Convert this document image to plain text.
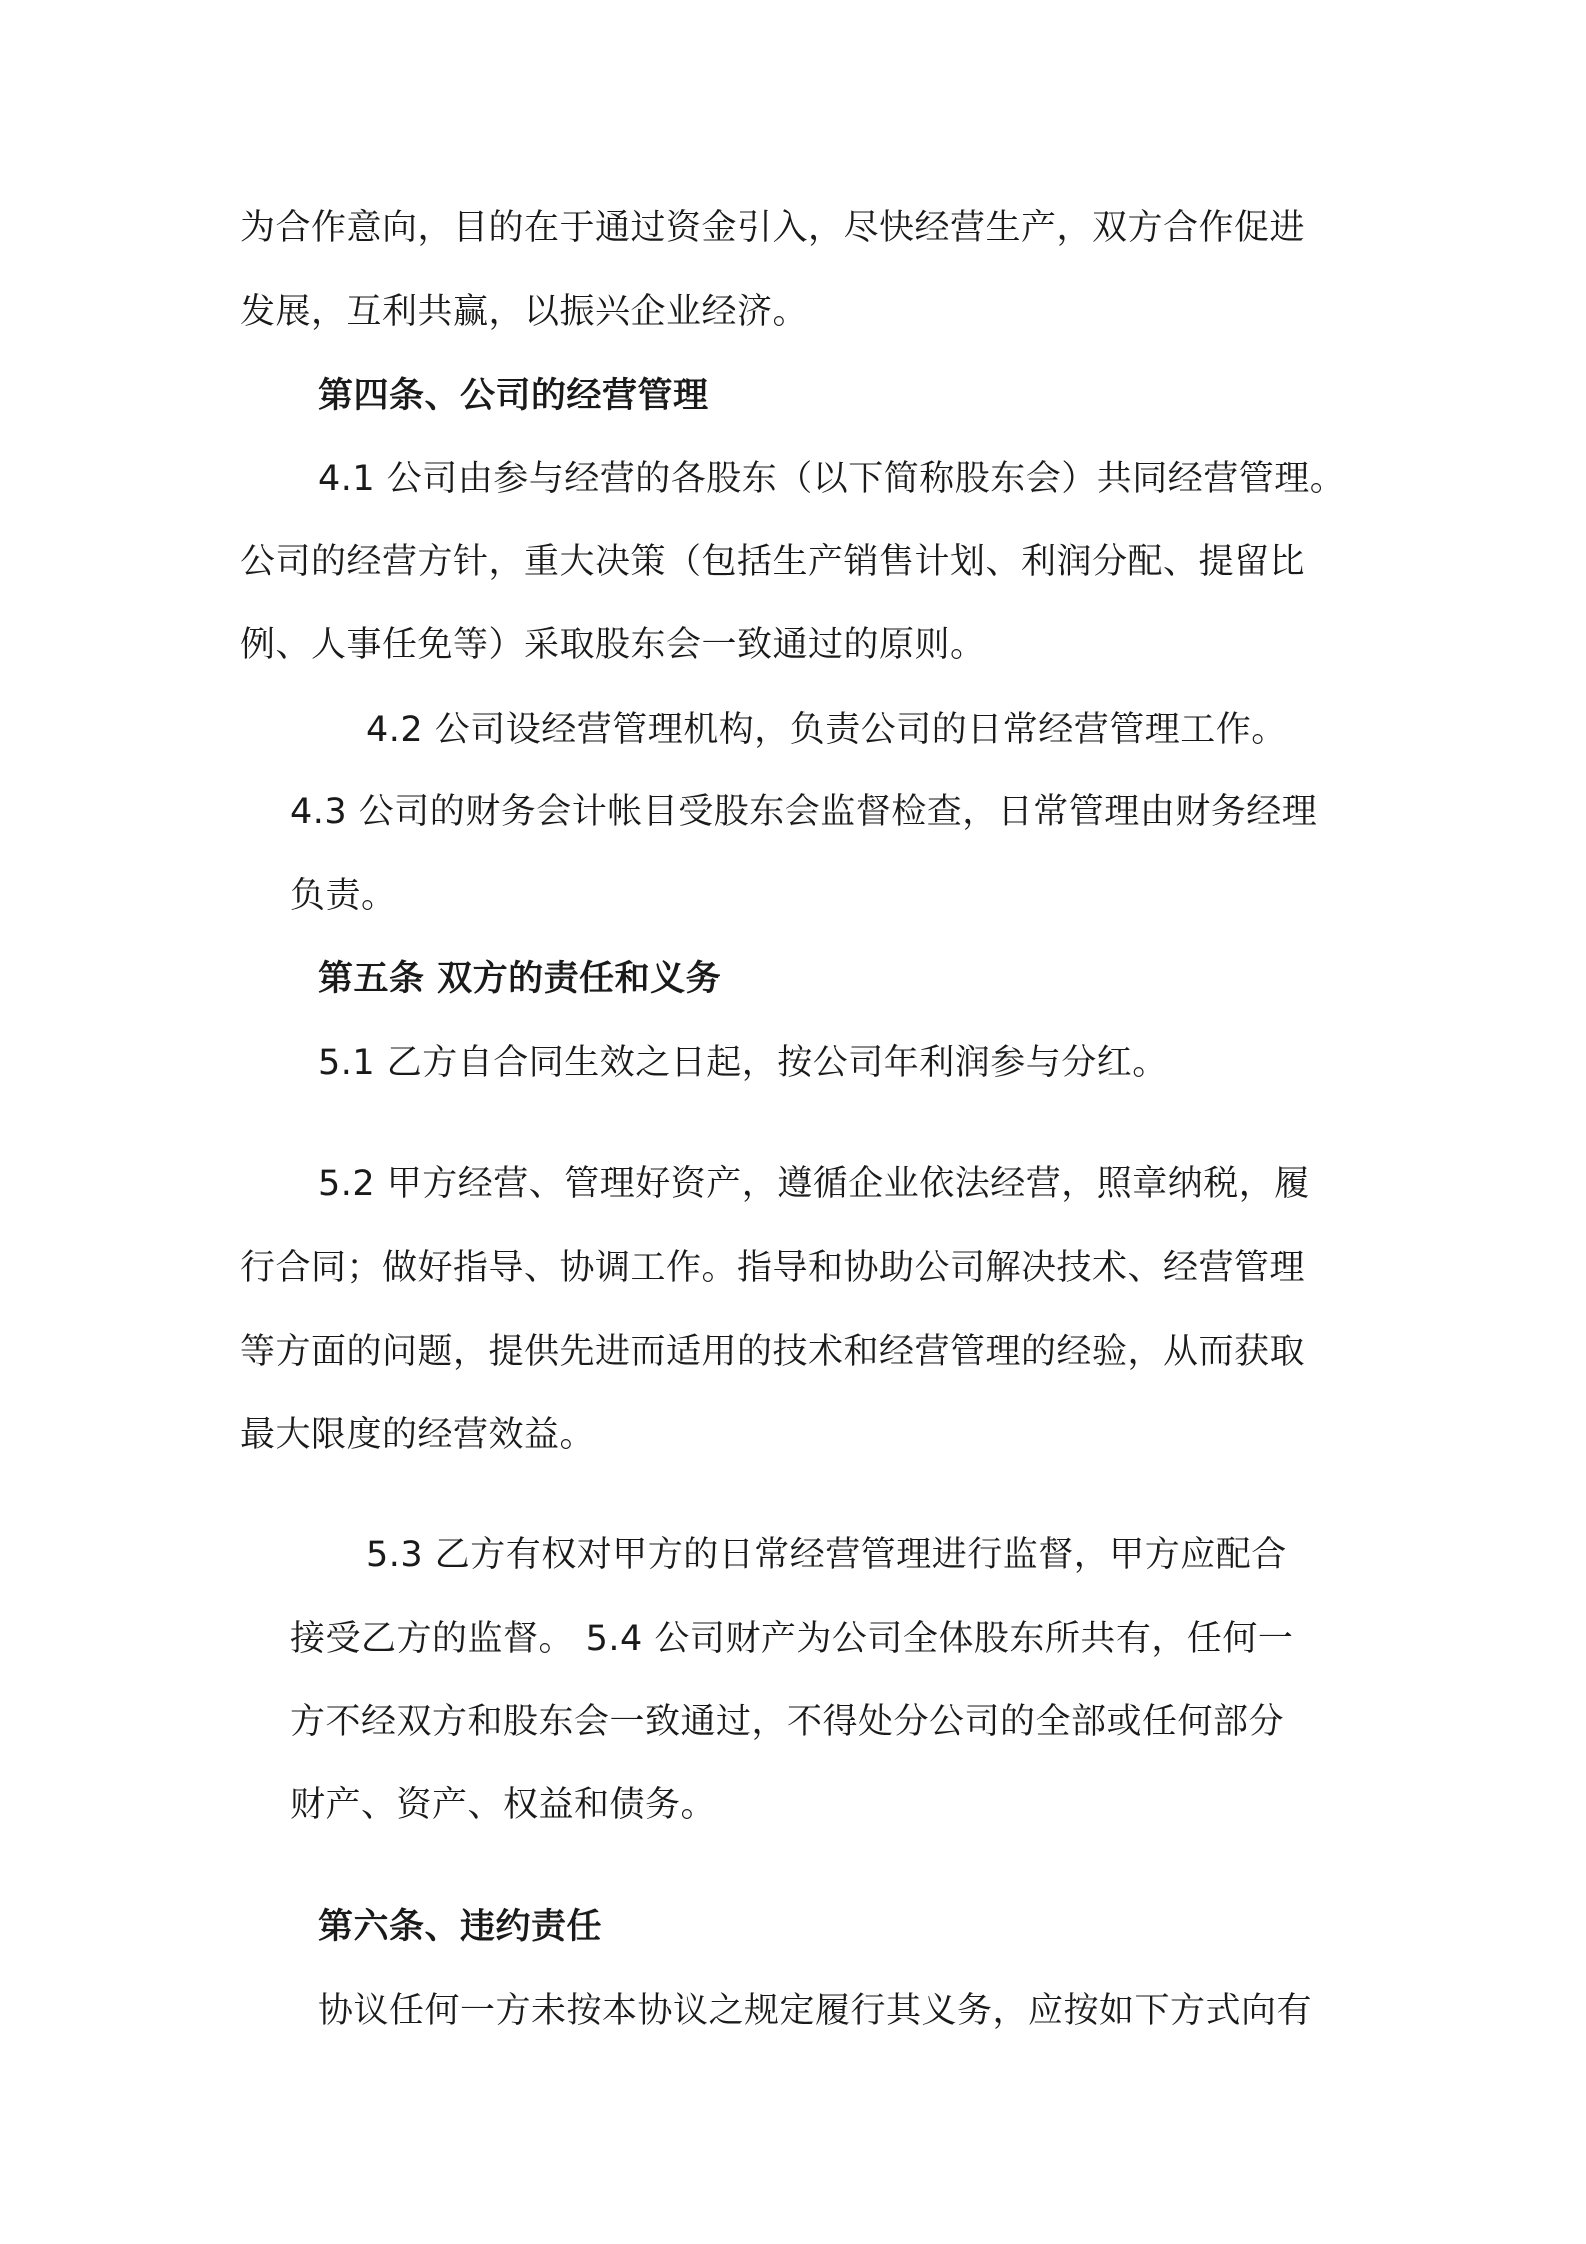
为合作意向，目的在于通过资金引入，尽快经营生产，双方合作促进
发展，互利共赢，以振兴企业经济。
第四条、公司的经营管理
4.1 公司由参与经营的各股东（以下简称股东会）共同经营管理。
公司的经营方针，重大决策（包括生产销售计划、利润分配、提留比
例、人事任免等）采取股东会一致通过的原则。
4.2 公司设经营管理机构，负责公司的日常经营管理工作。
4.3 公司的财务会计帐目受股东会监督检查，日常管理由财务经理
负责。
第五条 双方的责任和义务
5.1 乙方自合同生效之日起，按公司年利润参与分红。
5.2 甲方经营、管理好资产，遵循企业依法经营，照章纳税，履
行合同；做好指导、协调工作。指导和协助公司解决技术、经营管理
等方面的问题，提供先进而适用的技术和经营管理的经验，从而获取
最大限度的经营效益。
5.3 乙方有权对甲方的日常经营管理进行监督，甲方应配合
接受乙方的监督。 5.4 公司财产为公司全体股东所共有，任何一
方不经双方和股东会一致通过，不得处分公司的全部或任何部分
财产、资产、权益和债务。
第六条、违约责任
协议任何一方未按本协议之规定履行其义务，应按如下方式向有
